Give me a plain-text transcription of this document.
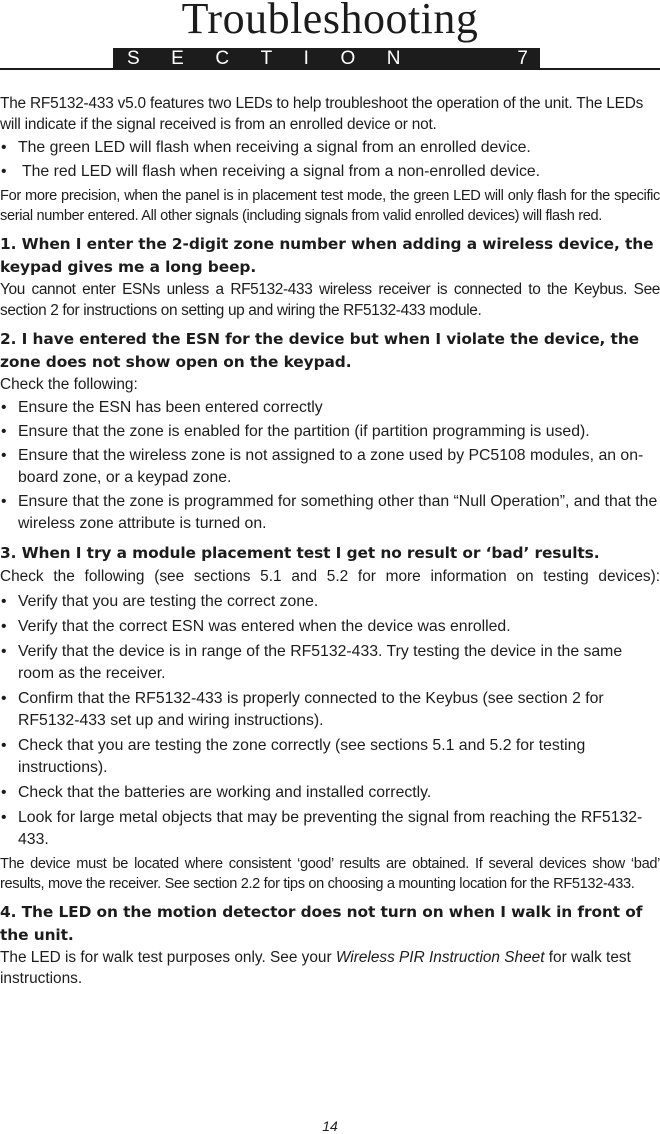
Troubleshooting
SECTION	7

The RF5132-433 v5.0 features two LEDs to help troubleshoot the operation of the unit. The LEDs will indicate if the signal received is from an enrolled device or not.

• The green LED will flash when receiving a signal from an enrolled device.

• The red LED will flash when receiving a signal from a non-enrolled device.

For more precision, when the panel is in placement test mode, the green LED will only flash for the specific serial number entered. All other signals (including signals from valid enrolled devices) will flash red.

1. When I enter the 2-digit zone number when adding a wireless device, the keypad gives me a long beep.

You cannot enter ESNs unless a RF5132-433 wireless receiver is connected to the Keybus. See section 2 for instructions on setting up and wiring the RF5132-433 module.

2. I have entered the ESN for the device but when I violate the device, the zone does not show open on the keypad.

Check the following:

• Ensure the ESN has been entered correctly

• Ensure that the zone is enabled for the partition (if partition programming is used).

• Ensure that the wireless zone is not assigned to a zone used by PC5108 modules, an on-board zone, or a keypad zone.

• Ensure that the zone is programmed for something other than “Null Operation”, and that the wireless zone attribute is turned on.

3. When I try a module placement test I get no result or ‘bad’ results.

Check the following (see sections 5.1 and 5.2 for more information on testing devices):

• Verify that you are testing the correct zone.

• Verify that the correct ESN was entered when the device was enrolled.

• Verify that the device is in range of the RF5132-433. Try testing the device in the same room as the receiver.

• Confirm that the RF5132-433 is properly connected to the Keybus (see section 2 for RF5132-433 set up and wiring instructions).

• Check that you are testing the zone correctly (see sections 5.1 and 5.2 for testing instructions).

• Check that the batteries are working and installed correctly.

• Look for large metal objects that may be preventing the signal from reaching the RF5132-433.

The device must be located where consistent ‘good’ results are obtained. If several devices show ‘bad’ results, move the receiver. See section 2.2 for tips on choosing a mounting location for the RF5132-433.

4. The LED on the motion detector does not turn on when I walk in front of the unit.

The LED is for walk test purposes only. See your Wireless PIR Instruction Sheet for walk test instructions.

14
